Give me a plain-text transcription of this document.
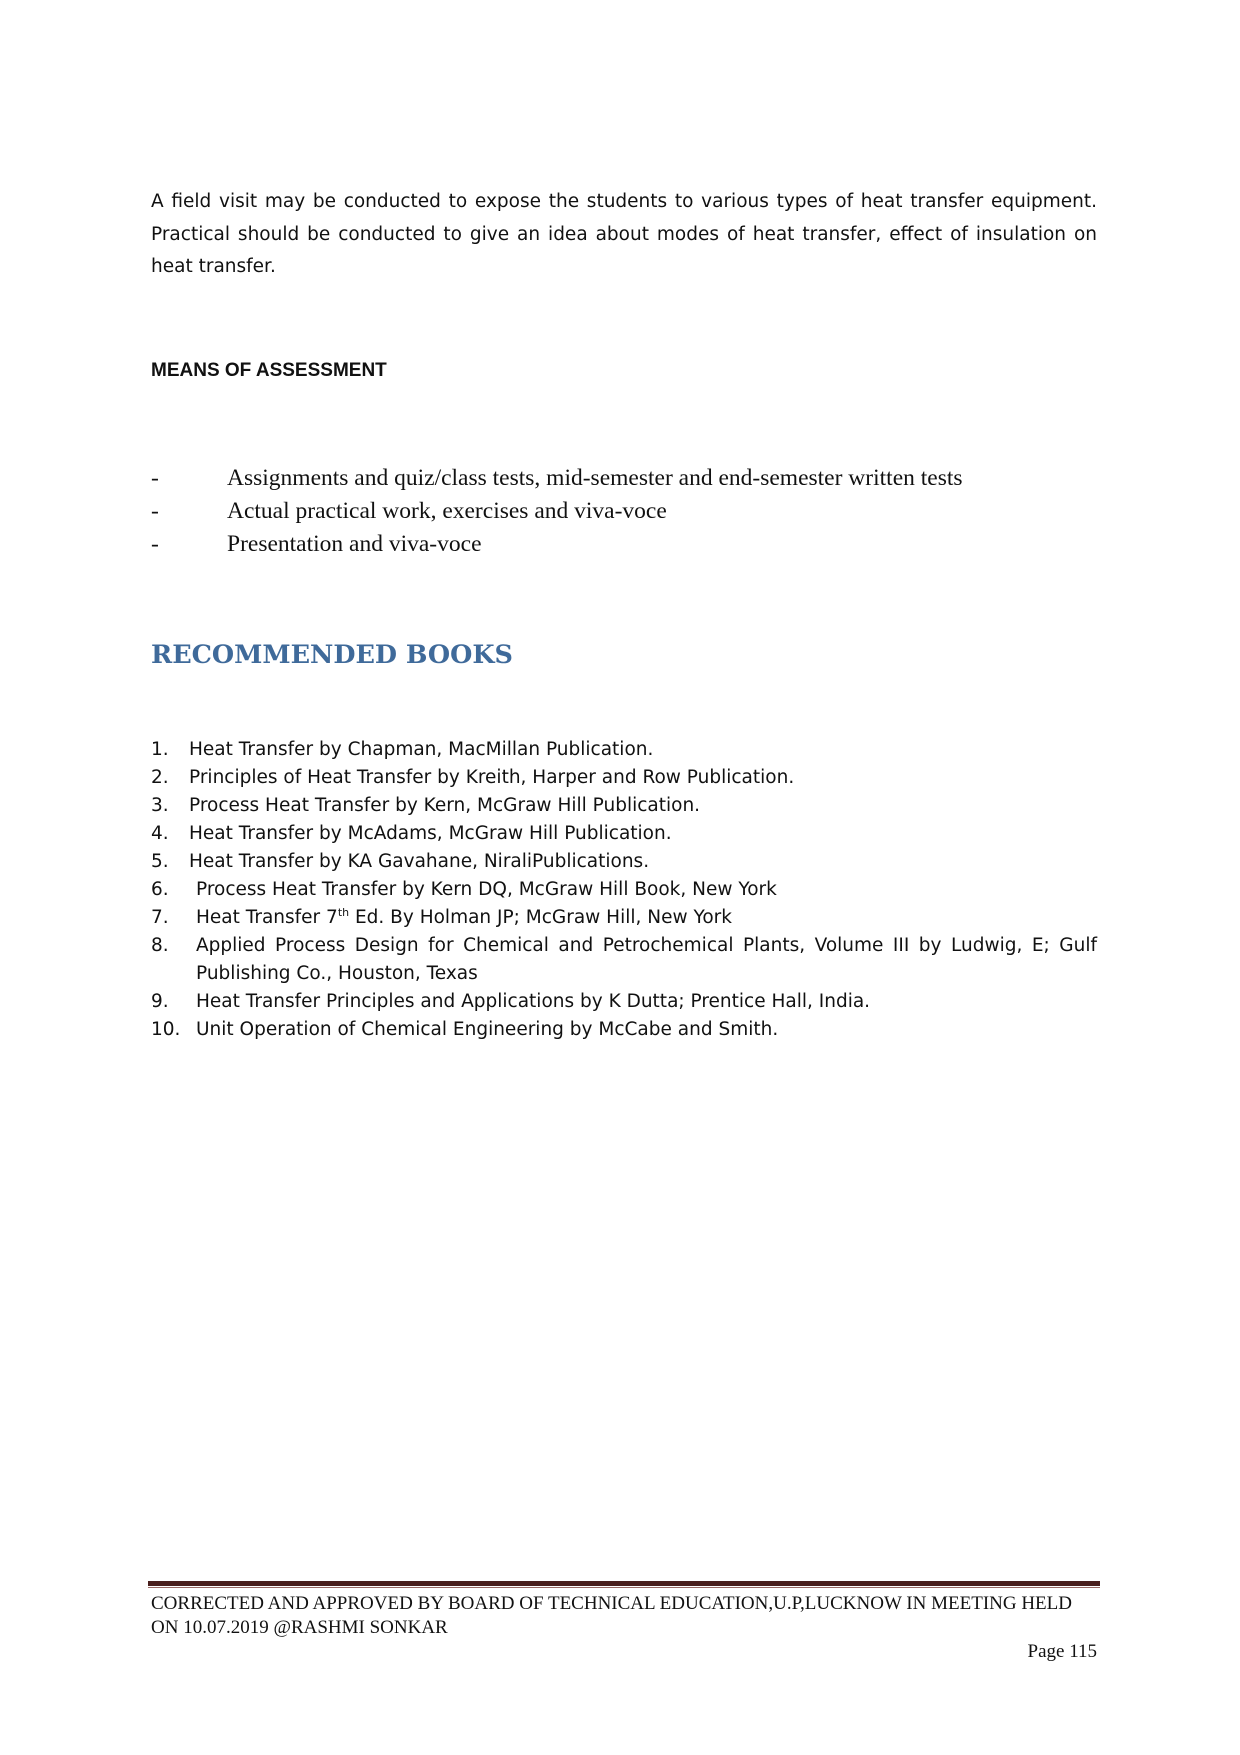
A field visit may be conducted to expose the students to various types of heat transfer equipment. Practical should be conducted to give an idea about modes of heat transfer, effect of insulation on heat transfer.

MEANS OF ASSESSMENT
-	Assignments and quiz/class tests, mid-semester and end-semester written tests
-	Actual practical work, exercises and viva-voce
-	Presentation and viva-voce
RECOMMENDED BOOKS
1.	Heat Transfer by Chapman, MacMillan Publication.
2.	Principles of Heat Transfer by Kreith, Harper and Row Publication.
3.	Process Heat Transfer by Kern, McGraw Hill Publication.
4.	Heat Transfer by McAdams, McGraw Hill Publication.
5.	Heat Transfer by KA Gavahane, NiraliPublications.
6.	Process Heat Transfer by Kern DQ, McGraw Hill Book, New York
7.	Heat Transfer 7th Ed. By Holman JP; McGraw Hill, New York
8.	Applied Process Design for Chemical and Petrochemical Plants, Volume III by Ludwig, E; Gulf Publishing Co., Houston, Texas
9.	Heat Transfer Principles and Applications by K Dutta; Prentice Hall, India.
10. Unit Operation of Chemical Engineering by McCabe and Smith.

CORRECTED AND APPROVED BY BOARD OF TECHNICAL EDUCATION,U.P,LUCKNOW IN MEETING HELD
ON 10.07.2019 @RASHMI SONKAR

Page 115
